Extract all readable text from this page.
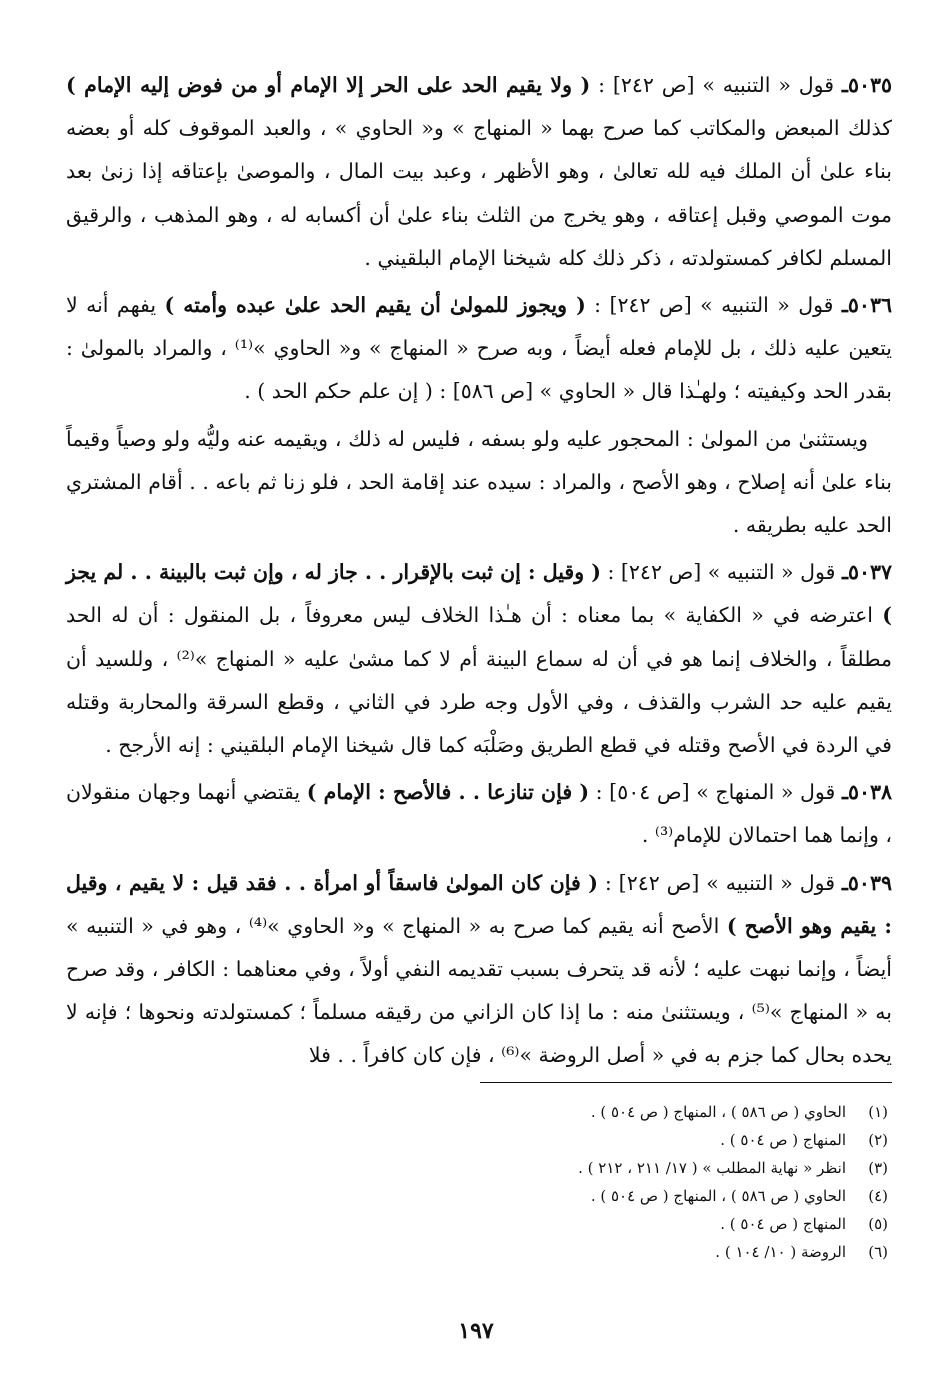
٥٠٣٥ـ قول « التنبيه » [ص ٢٤٢] : ( ولا يقيم الحد على الحر إلا الإمام أو من فوض إليه الإمام ) كذلك المبعض والمكاتب كما صرح بهما « المنهاج » و« الحاوي » ، والعبد الموقوف كله أو بعضه بناء علىٰ أن الملك فيه لله تعالىٰ ، وهو الأظهر ، وعبد بيت المال ، والموصىٰ بإعتاقه إذا زنىٰ بعد موت الموصي وقبل إعتاقه ، وهو يخرج من الثلث بناء علىٰ أن أكسابه له ، وهو المذهب ، والرقيق المسلم لكافر كمستولدته ، ذكر ذلك كله شيخنا الإمام البلقيني .

٥٠٣٦ـ قول « التنبيه » [ص ٢٤٢] : ( ويجوز للمولىٰ أن يقيم الحد علىٰ عبده وأمته ) يفهم أنه لا يتعين عليه ذلك ، بل للإمام فعله أيضاً ، وبه صرح « المنهاج » و« الحاوي »⁽¹⁾ ، والمراد بالمولىٰ : بقدر الحد وكيفيته ؛ ولهـٰذا قال « الحاوي » [ص ٥٨٦] : ( إن علم حكم الحد ) .

ويستثنىٰ من المولىٰ : المحجور عليه ولو بسفه ، فليس له ذلك ، ويقيمه عنه وليُّه ولو وصياً وقيماً بناء علىٰ أنه إصلاح ، وهو الأصح ، والمراد : سيده عند إقامة الحد ، فلو زنا ثم باعه . . أقام المشتري الحد عليه بطريقه .

٥٠٣٧ـ قول « التنبيه » [ص ٢٤٢] : ( وقيل : إن ثبت بالإقرار . . جاز له ، وإن ثبت بالبينة . . لم يجز ) اعترضه في « الكفاية » بما معناه : أن هـٰذا الخلاف ليس معروفاً ، بل المنقول : أن له الحد مطلقاً ، والخلاف إنما هو في أن له سماع البينة أم لا كما مشىٰ عليه « المنهاج »⁽²⁾ ، وللسيد أن يقيم عليه حد الشرب والقذف ، وفي الأول وجه طرد في الثاني ، وقطع السرقة والمحاربة وقتله في الردة في الأصح وقتله في قطع الطريق وصَلْبَه كما قال شيخنا الإمام البلقيني : إنه الأرجح .

٥٠٣٨ـ قول « المنهاج » [ص ٥٠٤] : ( فإن تنازعا . . فالأصح : الإمام ) يقتضي أنهما وجهان منقولان ، وإنما هما احتمالان للإمام⁽³⁾ .

٥٠٣٩ـ قول « التنبيه » [ص ٢٤٢] : ( فإن كان المولىٰ فاسقاً أو امرأة . . فقد قيل : لا يقيم ، وقيل : يقيم وهو الأصح ) الأصح أنه يقيم كما صرح به « المنهاج » و« الحاوي »⁽⁴⁾ ، وهو في « التنبيه » أيضاً ، وإنما نبهت عليه ؛ لأنه قد يتحرف بسبب تقديمه النفي أولاً ، وفي معناهما : الكافر ، وقد صرح به « المنهاج »⁽⁵⁾ ، ويستثنىٰ منه : ما إذا كان الزاني من رقيقه مسلماً ؛ كمستولدته ونحوها ؛ فإنه لا يحده بحال كما جزم به في « أصل الروضة »⁽⁶⁾ ، فإن كان كافراً . . فلا

(١)
الحاوي ( ص ٥٨٦ ) ، المنهاج ( ص ٥٠٤ ) .
(٢)
المنهاج ( ص ٥٠٤ ) .
(٣)
انظر « نهاية المطلب » ( ١٧/ ٢١١ ، ٢١٢ ) .
(٤)
الحاوي ( ص ٥٨٦ ) ، المنهاج ( ص ٥٠٤ ) .
(٥)
المنهاج ( ص ٥٠٤ ) .
(٦)
الروضة ( ١٠/ ١٠٤ ) .
١٩٧
